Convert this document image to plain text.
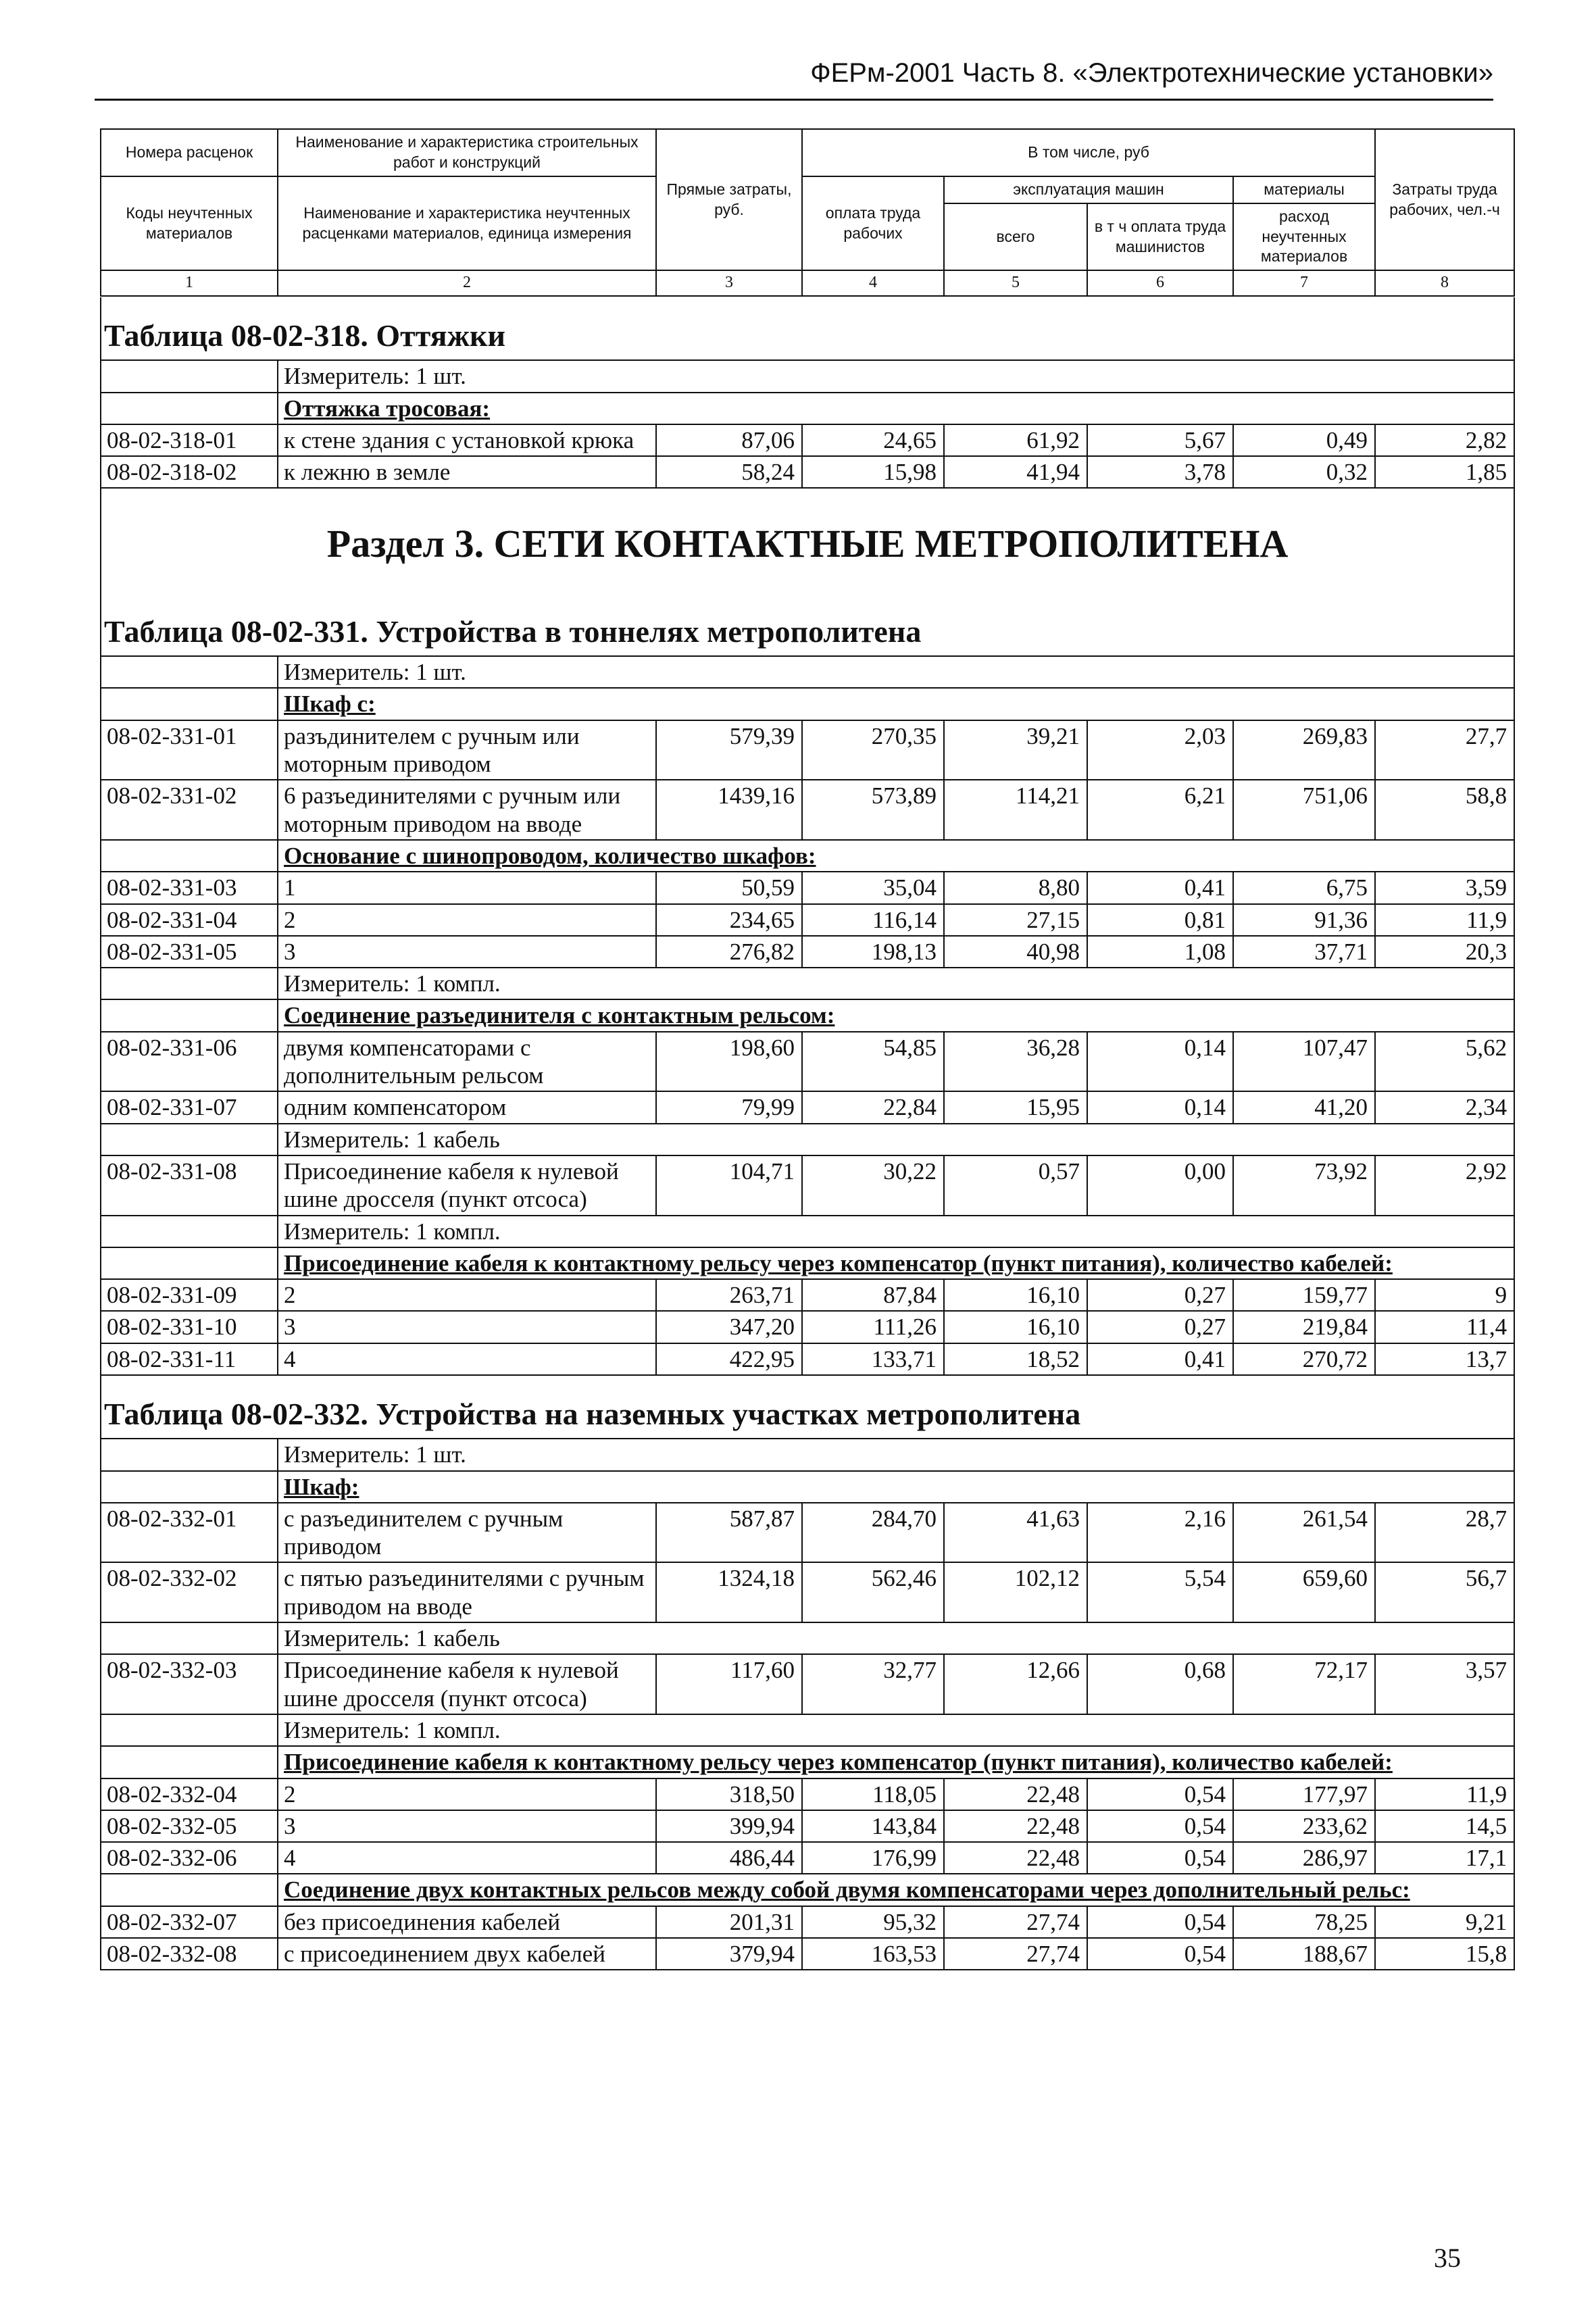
ФЕРм-2001 Часть 8. «Электротехнические установки»
Номера расценок	Наименование и характеристика строительных работ и конструкций	Прямые затраты, руб.	В том числе, руб				Затраты труда рабочих, чел.-ч
Коды неучтенных материалов	Наименование и характеристика неучтенных расценками материалов, единица измерения		оплата труда рабочих	эксплуатация машин		материалы	
				всего	в т ч оплата труда машинистов	расход неучтенных материалов	
1	2	3	4	5	6	7	8
Таблица 08-02-318. Оттяжки							
	Измеритель: 1 шт.						
	Оттяжка тросовая:						
08-02-318-01	к стене здания с установкой крюка	87,06	24,65	61,92	5,67	0,49	2,82
08-02-318-02	к лежню в земле	58,24	15,98	41,94	3,78	0,32	1,85
Раздел 3. СЕТИ КОНТАКТНЫЕ МЕТРОПОЛИТЕНА							
Таблица 08-02-331. Устройства в тоннелях метрополитена							
	Измеритель: 1 шт.						
	Шкаф с:						
08-02-331-01	разъдинителем с ручным или моторным приводом	579,39	270,35	39,21	2,03	269,83	27,7
08-02-331-02	6 разъединителями с ручным или моторным приводом на вводе	1439,16	573,89	114,21	6,21	751,06	58,8
	Основание с шинопроводом, количество шкафов:						
08-02-331-03	1	50,59	35,04	8,80	0,41	6,75	3,59
08-02-331-04	2	234,65	116,14	27,15	0,81	91,36	11,9
08-02-331-05	3	276,82	198,13	40,98	1,08	37,71	20,3
	Измеритель: 1 компл.						
	Соединение разъединителя с контактным рельсом:						
08-02-331-06	двумя компенсаторами с дополнительным рельсом	198,60	54,85	36,28	0,14	107,47	5,62
08-02-331-07	одним компенсатором	79,99	22,84	15,95	0,14	41,20	2,34
	Измеритель: 1 кабель						
08-02-331-08	Присоединение кабеля к нулевой шине дросселя (пункт отсоса)	104,71	30,22	0,57	0,00	73,92	2,92
	Измеритель: 1 компл.						
	Присоединение кабеля к контактному рельсу через компенсатор (пункт питания), количество кабелей:						
08-02-331-09	2	263,71	87,84	16,10	0,27	159,77	9
08-02-331-10	3	347,20	111,26	16,10	0,27	219,84	11,4
08-02-331-11	4	422,95	133,71	18,52	0,41	270,72	13,7
Таблица 08-02-332. Устройства на наземных участках метрополитена							
	Измеритель: 1 шт.						
	Шкаф:						
08-02-332-01	с разъединителем с ручным приводом	587,87	284,70	41,63	2,16	261,54	28,7
08-02-332-02	с пятью разъединителями с ручным приводом на вводе	1324,18	562,46	102,12	5,54	659,60	56,7
	Измеритель: 1 кабель						
08-02-332-03	Присоединение кабеля к нулевой шине дросселя (пункт отсоса)	117,60	32,77	12,66	0,68	72,17	3,57
	Измеритель: 1 компл.						
	Присоединение кабеля к контактному рельсу через компенсатор (пункт питания), количество кабелей:						
08-02-332-04	2	318,50	118,05	22,48	0,54	177,97	11,9
08-02-332-05	3	399,94	143,84	22,48	0,54	233,62	14,5
08-02-332-06	4	486,44	176,99	22,48	0,54	286,97	17,1
	Соединение двух контактных рельсов между собой двумя компенсаторами через дополнительный рельс:						
08-02-332-07	без присоединения кабелей	201,31	95,32	27,74	0,54	78,25	9,21
08-02-332-08	с присоединением двух кабелей	379,94	163,53	27,74	0,54	188,67	15,8
35
